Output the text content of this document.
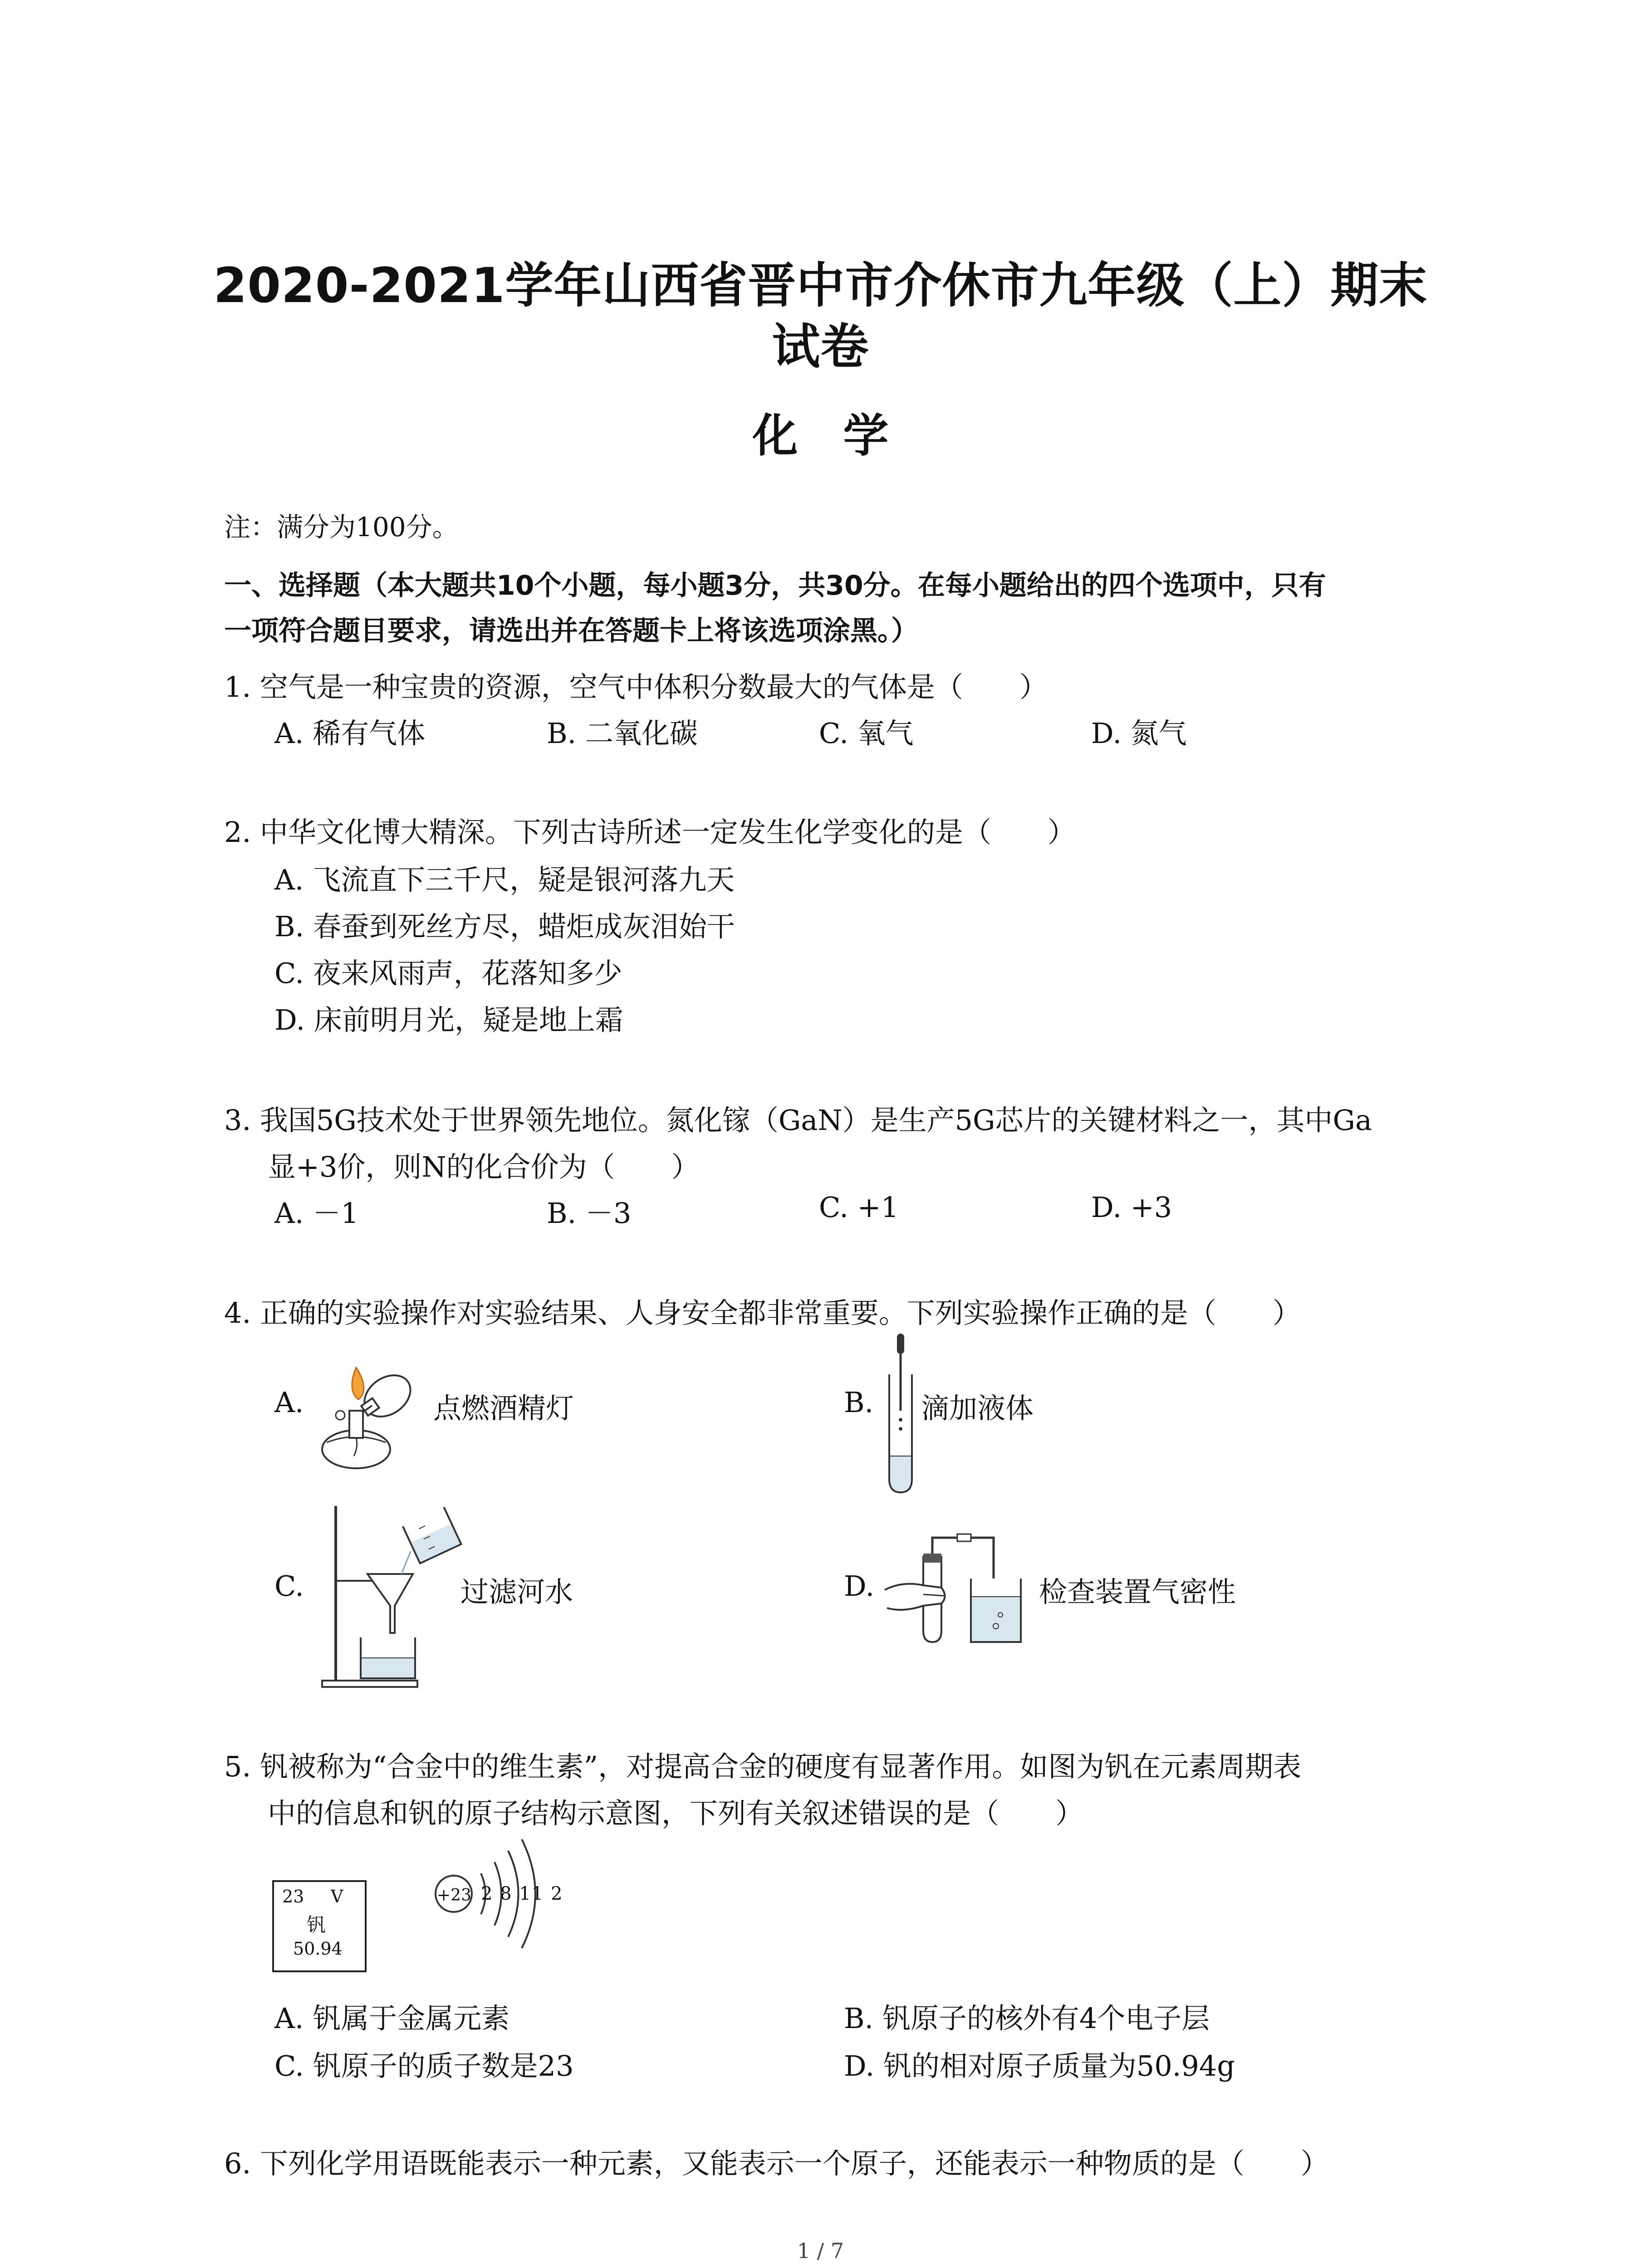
2020-2021学年山西省晋中市介休市九年级（上）期末
试卷
化学
注：满分为100分。
一、选择题（本大题共10个小题，每小题3分，共30分。在每小题给出的四个选项中，只有
一项符合题目要求，请选出并在答题卡上将该选项涂黑。）
1. 空气是一种宝贵的资源，空气中体积分数最大的气体是（　　）
A. 稀有气体	B. 二氧化碳	C. 氧气	D. 氮气
2. 中华文化博大精深。下列古诗所述一定发生化学变化的是（　　）
A. 飞流直下三千尺，疑是银河落九天
B. 春蚕到死丝方尽，蜡炬成灰泪始干
C. 夜来风雨声，花落知多少
D. 床前明月光，疑是地上霜
3. 我国5G技术处于世界领先地位。氮化镓（GaN）是生产5G芯片的关键材料之一，其中Ga
显+3价，则N的化合价为（　　）
A. －1	B. －3	C. +1	D. +3
4. 正确的实验操作对实验结果、人身安全都非常重要。下列实验操作正确的是（　　）
A.	点燃酒精灯	B. 滴加液体
C.	过滤河水	D.	检查装置气密性
5. 钒被称为“合金中的维生素”，对提高合金的硬度有显著作用。如图为钒在元素周期表
中的信息和钒的原子结构示意图，下列有关叙述错误的是（　　）
23 V
钒
50.94
+23 2 8 11 2
A. 钒属于金属元素	B. 钒原子的核外有4个电子层
C. 钒原子的质子数是23	D. 钒的相对原子质量为50.94g
6. 下列化学用语既能表示一种元素，又能表示一个原子，还能表示一种物质的是（　　）
1 / 7
